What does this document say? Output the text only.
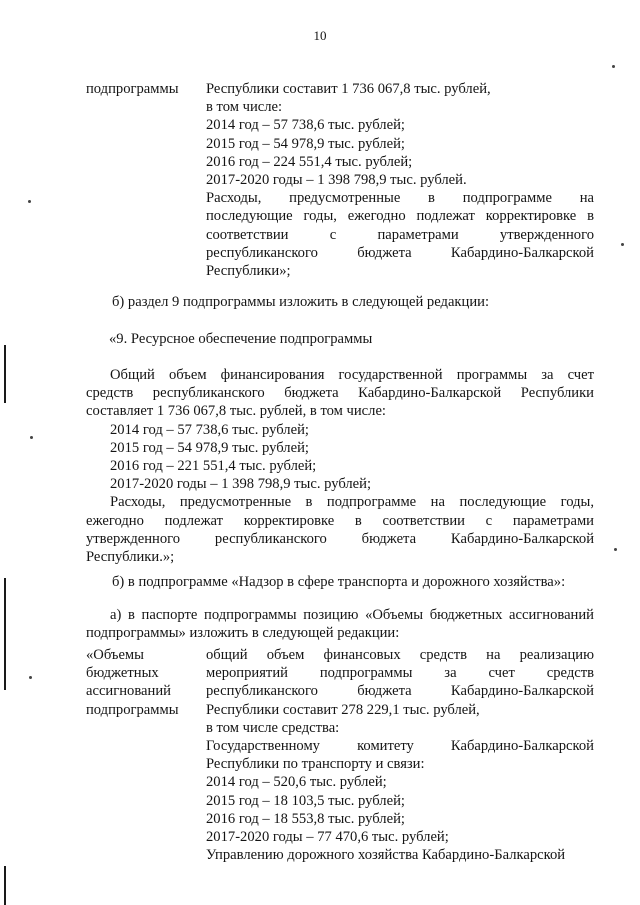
10
подпрограммы Республики составит 1 736 067,8 тыс. рублей,
в том числе:
2014 год – 57 738,6 тыс. рублей;
2015 год – 54 978,9 тыс. рублей;
2016 год – 224 551,4 тыс. рублей;
2017-2020 годы – 1 398 798,9 тыс. рублей.
Расходы, предусмотренные в подпрограмме на
последующие годы, ежегодно подлежат корректировке в
соответствии с параметрами утвержденного
республиканского бюджета Кабардино-Балкарской
Республики»;
б) раздел 9 подпрограммы изложить в следующей редакции:
«9. Ресурсное обеспечение подпрограммы
Общий объем финансирования государственной программы за счет
средств республиканского бюджета Кабардино-Балкарской Республики
составляет 1 736 067,8 тыс. рублей, в том числе:
2014 год – 57 738,6 тыс. рублей;
2015 год – 54 978,9 тыс. рублей;
2016 год – 221 551,4 тыс. рублей;
2017-2020 годы – 1 398 798,9 тыс. рублей;
Расходы, предусмотренные в подпрограмме на последующие годы,
ежегодно подлежат корректировке в соответствии с параметрами
утвержденного республиканского бюджета Кабардино-Балкарской
Республики.»;
б) в подпрограмме «Надзор в сфере транспорта и дорожного хозяйства»:
а) в паспорте подпрограммы позицию «Объемы бюджетных ассигнований
подпрограммы» изложить в следующей редакции:
«Объемы
бюджетных
ассигнований
подпрограммы
общий объем финансовых средств на реализацию
мероприятий подпрограммы за счет средств
республиканского бюджета Кабардино-Балкарской
Республики составит 278 229,1 тыс. рублей,
в том числе средства:
Государственному комитету Кабардино-Балкарской
Республики по транспорту и связи:
2014 год – 520,6 тыс. рублей;
2015 год – 18 103,5 тыс. рублей;
2016 год – 18 553,8 тыс. рублей;
2017-2020 годы – 77 470,6 тыс. рублей;
Управлению дорожного хозяйства Кабардино-Балкарской
